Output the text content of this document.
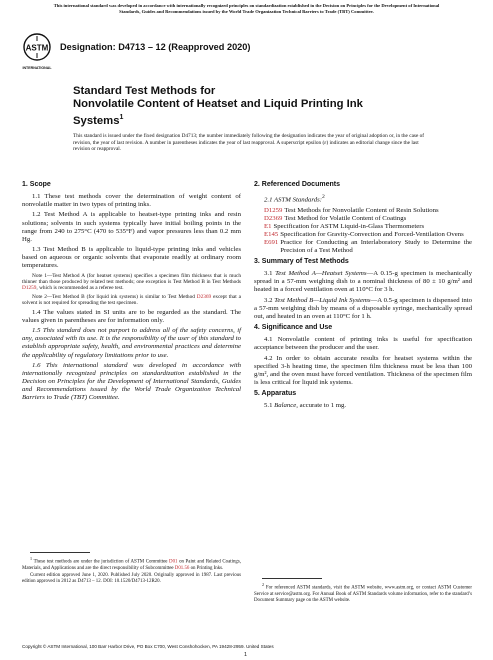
This international standard was developed in accordance with internationally recognized principles on standardization established in the Decision on Principles for the Development of International Standards, Guides and Recommendations issued by the World Trade Organization Technical Barriers to Trade (TBT) Committee.
ASTM
INTERNATIONAL
Designation: D4713 – 12 (Reapproved 2020)
Standard Test Methods for
Nonvolatile Content of Heatset and Liquid Printing Ink
Systems$^1$
This standard is issued under the fixed designation D4713; the number immediately following the designation indicates the year of original adoption or, in the case of revision, the year of last revision. A number in parentheses indicates the year of last reapproval. A superscript epsilon (ε) indicates an editorial change since the last revision or reapproval.

1. Scope

1.1 These test methods cover the determination of weight content of nonvolatile matter in two types of printing inks.

1.2 Test Method A is applicable to heatset-type printing inks and resin solutions; solvents in such systems typically have initial boiling points in the range from 240 to 275°C (470 to 535°F) and vapor pressures less than 0.2 mm Hg.

1.3 Test Method B is applicable to liquid-type printing inks and vehicles based on aqueous or organic solvents that evaporate readily at ordinary room temperatures.

Note 1—Test Method A (for heatset systems) specifies a specimen film thickness that is much thinner than those produced by related test methods; one exception is Test Method B in Test Methods D1259, which is recommended as a referee test.

Note 2—Test Method B (for liquid ink systems) is similar to Test Method D2369 except that a solvent is not required for spreading the test specimen.

1.4 The values stated in SI units are to be regarded as the standard. The values given in parentheses are for information only.

1.5 This standard does not purport to address all of the safety concerns, if any, associated with its use. It is the responsibility of the user of this standard to establish appropriate safety, health, and environmental practices and determine the applicability of regulatory limitations prior to use.

1.6 This international standard was developed in accordance with internationally recognized principles on standardization established in the Decision on Principles for the Development of International Standards, Guides and Recommendations issued by the World Trade Organization Technical Barriers to Trade (TBT) Committee.

$^1$ These test methods are under the jurisdiction of ASTM Committee D01 on Paint and Related Coatings, Materials, and Applications and are the direct responsibility of Subcommittee D01.56 on Printing Inks.

Current edition approved June 1, 2020. Published July 2020. Originally approved in 1987. Last previous edition approved in 2012 as D4713 – 12. DOI: 10.1520/D4713-12R20.

2. Referenced Documents

2.1 ASTM Standards:$^2$

D1259 Test Methods for Nonvolatile Content of Resin Solutions
D2369 Test Method for Volatile Content of Coatings
E1 Specification for ASTM Liquid-in-Glass Thermometers
E145 Specification for Gravity-Convection and Forced-Ventilation Ovens
E691 Practice for Conducting an Interlaboratory Study to Determine the Precision of a Test Method

3. Summary of Test Methods

3.1 Test Method A—Heatset Systems—A 0.15-g specimen is mechanically spread in a 57-mm weighing dish to a nominal thickness of 80 ± 10 g/m² and heated in a forced ventilation oven at 110°C for 3 h.

3.2 Test Method B—Liquid Ink Systems—A 0.5-g specimen is dispensed into a 57-mm weighing dish by means of a disposable syringe, mechanically spread out, and heated in an oven at 110°C for 1 h.

4. Significance and Use

4.1 Nonvolatile content of printing inks is useful for specification acceptance between the producer and the user.

4.2 In order to obtain accurate results for heatset systems within the specified 3-h heating time, the specimen film thickness must be less than 100 g/m², and the oven must have forced ventilation. Thickness of the specimen film is less critical for liquid ink systems.

5. Apparatus

5.1 Balance, accurate to 1 mg.

$^2$ For referenced ASTM standards, visit the ASTM website, www.astm.org, or contact ASTM Customer Service at service@astm.org. For Annual Book of ASTM Standards volume information, refer to the standard’s Document Summary page on the ASTM website.

Copyright © ASTM International, 100 Barr Harbor Drive, PO Box C700, West Conshohocken, PA 19428-2959. United States
1
